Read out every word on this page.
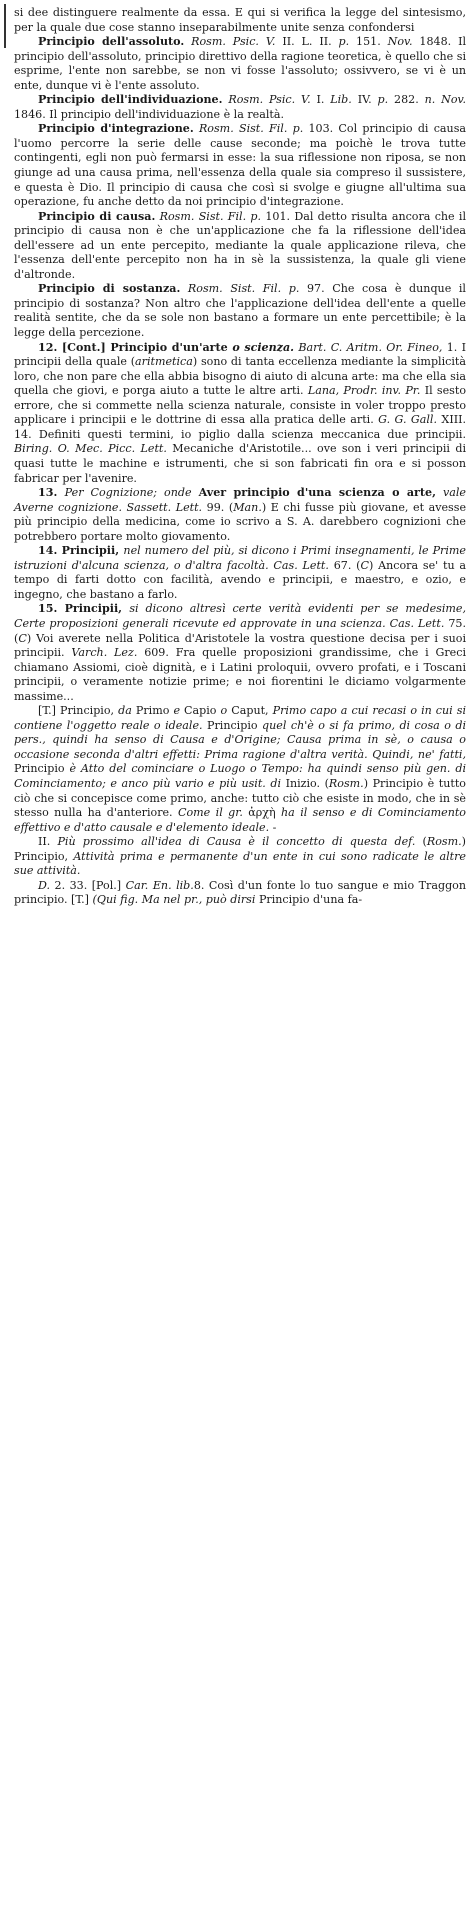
si dee distinguere realmente da essa. E qui si verifica la legge del sintesismo, per la quale due cose stanno inseparabilmente unite senza confondersi

Principio dell'assoluto. Rosm. Psic. V. II. L. II. p. 151. Nov. 1848. Il principio dell'assoluto, principio direttivo della ragione teoretica, è quello che si esprime, l'ente non sarebbe, se non vi fosse l'assoluto; ossivvero, se vi è un ente, dunque vi è l'ente assoluto.

Principio dell'individuazione. Rosm. Psic. V. I. Lib. IV. p. 282. n. Nov. 1846. Il principio dell'individuazione è la realtà.

Principio d'integrazione. Rosm. Sist. Fil. p. 103. Col principio di causa l'uomo percorre la serie delle cause seconde; ma poichè le trova tutte contingenti, egli non può fermarsi in esse: la sua riflessione non riposa, se non giunge ad una causa prima, nell'essenza della quale sia compreso il sussistere, e questa è Dio. Il principio di causa che così si svolge e giugne all'ultima sua operazione, fu anche detto da noi principio d'integrazione.

Principio di causa. Rosm. Sist. Fil. p. 101. Dal detto risulta ancora che il principio di causa non è che un'applicazione che fa la riflessione dell'idea dell'essere ad un ente percepito, mediante la quale applicazione rileva, che l'essenza dell'ente percepito non ha in sè la sussistenza, la quale gli viene d'altronde.

Principio di sostanza. Rosm. Sist. Fil. p. 97. Che cosa è dunque il principio di sostanza? Non altro che l'applicazione dell'idea dell'ente a quelle realità sentite, che da se sole non bastano a formare un ente percettibile; è la legge della percezione.

12. [Cont.] Principio d'un'arte o scienza. Bart. C. Aritm. Or. Fineo, 1. I principii della quale (aritmetica) sono di tanta eccellenza mediante la simplicità loro, che non pare che ella abbia bisogno di aiuto di alcuna arte: ma che ella sia quella che giovi, e porga aiuto a tutte le altre arti. Lana, Prodr. inv. Pr. Il sesto errore, che si commette nella scienza naturale, consiste in voler troppo presto applicare i principii e le dottrine di essa alla pratica delle arti. G. G. Gall. XIII. 14. Definiti questi termini, io piglio dalla scienza meccanica due principii. Biring. O. Mec. Picc. Lett. Mecaniche d'Aristotile... ove son i veri principii di quasi tutte le machine e istrumenti, che si son fabricati fin ora e si posson fabricar per l'avenire.

13. Per Cognizione; onde Aver principio d'una scienza o arte, vale Averne cognizione. Sassett. Lett. 99. (Man.) E chi fusse più giovane, et avesse più principio della medicina, come io scrivo a S. A. darebbero cognizioni che potrebbero portare molto giovamento.

14. Principii, nel numero del più, si dicono i Primi insegnamenti, le Prime istruzioni d'alcuna scienza, o d'altra facoltà. Cas. Lett. 67. (C) Ancora se' tu a tempo di farti dotto con facilità, avendo e principii, e maestro, e ozio, e ingegno, che bastano a farlo.

15. Principii, si dicono altresì certe verità evidenti per se medesime, Certe proposizioni generali ricevute ed approvate in una scienza. Cas. Lett. 75. (C) Voi averete nella Politica d'Aristotele la vostra questione decisa per i suoi principii. Varch. Lez. 609. Fra quelle proposizioni grandissime, che i Greci chiamano Assiomi, cioè dignità, e i Latini proloquii, ovvero profati, e i Toscani principii, o veramente notizie prime; e noi fiorentini le diciamo volgarmente massime...

[T.] Principio, da Primo e Capio o Caput, Primo capo a cui recasi o in cui si contiene l'oggetto reale o ideale. Principio quel ch'è o si fa primo, di cosa o di pers., quindi ha senso di Causa e d'Origine; Causa prima in sè, o causa o occasione seconda d'altri effetti: Prima ragione d'altra verità. Quindi, ne' fatti, Principio è Atto del cominciare o Luogo o Tempo: ha quindi senso più gen. di Cominciamento; e anco più vario e più usit. di Inizio. (Rosm.) Principio è tutto ciò che si concepisce come primo, anche: tutto ciò che esiste in modo, che in sè stesso nulla ha d'anteriore. Come il gr. ἀρχὴ ha il senso e di Cominciamento effettivo e d'atto causale e d'elemento ideale. -

II. Più prossimo all'idea di Causa è il concetto di questa def. (Rosm.) Principio, Attività prima e permanente d'un ente in cui sono radicate le altre sue attività.

D. 2. 33. [Pol.] Car. En. lib.8. Così d'un fonte lo tuo sangue e mio Traggon principio. [T.] (Qui fig. Ma nel pr., può dirsi Principio d'una fa-
